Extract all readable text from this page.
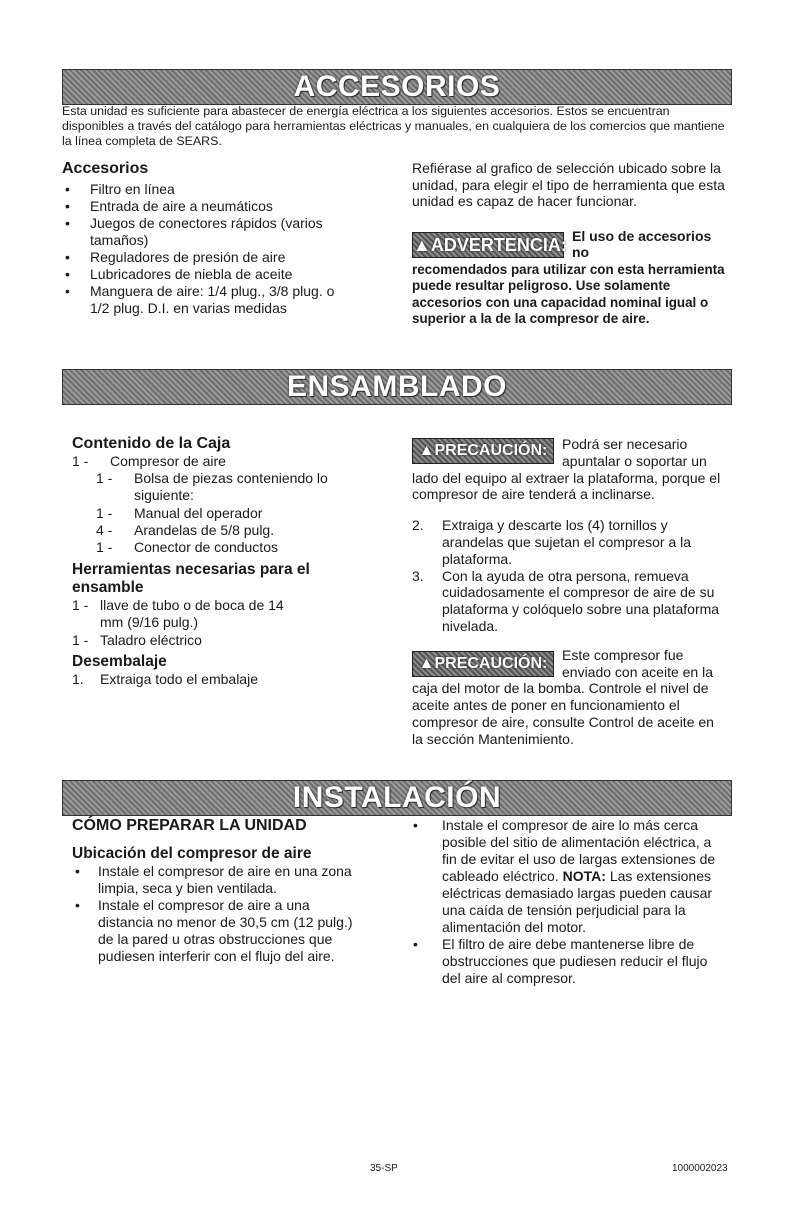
ACCESORIOS
Esta unidad es suficiente para abastecer de energía eléctrica a los siguientes accesorios. Estos se encuentran disponibles a través del catálogo para herramientas eléctricas y manuales, en cualquiera de los comercios que mantiene la línea completa de SEARS.
Accesorios
• Filtro en línea
• Entrada de aire a neumáticos
• Juegos de conectores rápidos (varios tamaños)
• Reguladores de presión de aire
• Lubricadores de niebla de aceite
• Manguera de aire: 1/4 plug., 3/8 plug. o 1/2 plug. D.I. en varias medidas

Refiérase al grafico de selección ubicado sobre la unidad, para elegir el tipo de herramienta que esta unidad es capaz de hacer funcionar.

▲ADVERTENCIA: El uso de accesorios no

recomendados para utilizar con esta herramienta puede resultar peligroso. Use solamente accesorios con una capacidad nominal igual o superior a la de la compresor de aire.

ENSAMBLADO
Contenido de la Caja
1 -	Compresor de aire
1 -	Bolsa de piezas conteniendo lo siguiente:
1 -	Manual del operador
4 -	Arandelas de 5/8 pulg.
1 -	Conector de conductos
Herramientas necesarias para el ensamble
1 - llave de tubo o de boca de 14 mm (9/16 pulg.)
1 - Taladro eléctrico
Desembalaje
1.	Extraiga todo el embalaje
▲PRECAUCIÓN:	Podrá ser necesario apuntalar o soportar un lado del equipo al extraer la plataforma, porque el compresor de aire tenderá a inclinarse.
2.	Extraiga y descarte los (4) tornillos y arandelas que sujetan el compresor a la plataforma.
3.	Con la ayuda de otra persona, remueva cuidadosamente el compresor de aire de su plataforma y colóquelo sobre una plataforma nivelada.
▲PRECAUCIÓN:	Este compresor fue enviado con aceite en la caja del motor de la bomba. Controle el nivel de aceite antes de poner en funcionamiento el compresor de aire, consulte Control de aceite en la sección Mantenimiento.
INSTALACIÓN
CÓMO PREPARAR LA UNIDAD
Ubicación del compresor de aire
• Instale el compresor de aire en una zona limpia, seca y bien ventilada.
• Instale el compresor de aire a una distancia no menor de 30,5 cm (12 pulg.) de la pared u otras obstrucciones que pudiesen interferir con el flujo del aire.
• Instale el compresor de aire lo más cerca posible del sitio de alimentación eléctrica, a fin de evitar el uso de largas extensiones de cableado eléctrico. NOTA: Las extensiones eléctricas demasiado largas pueden causar una caída de tensión perjudicial para la alimentación del motor.
• El filtro de aire debe mantenerse libre de obstrucciones que pudiesen reducir el flujo del aire al compresor.
35-SP	1000002023
